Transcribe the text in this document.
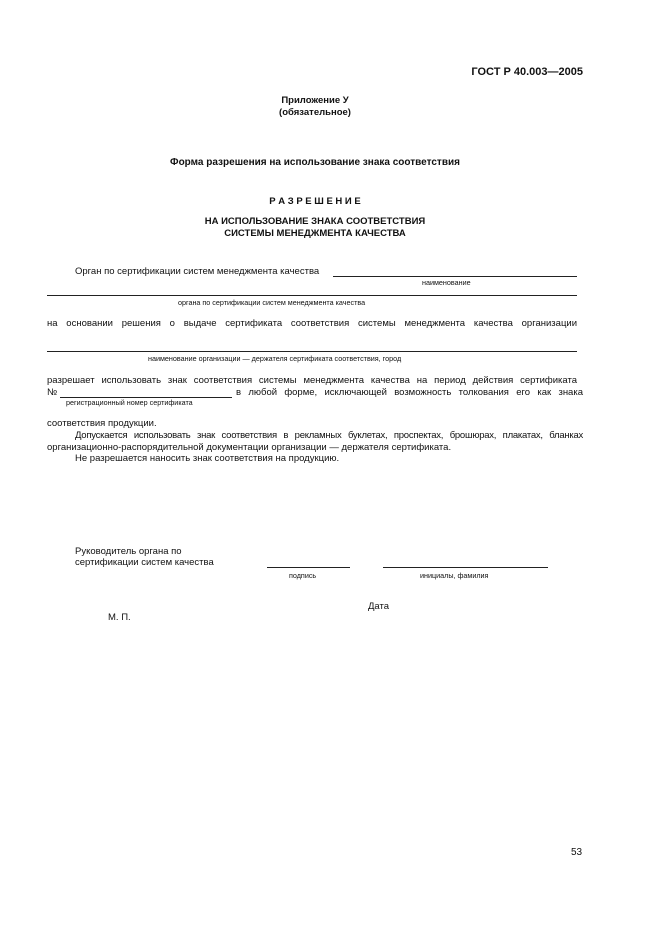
ГОСТ Р 40.003—2005
Приложение У
(обязательное)
Форма разрешения на использование знака соответствия
Р А З Р Е Ш Е Н И Е
НА ИСПОЛЬЗОВАНИЕ ЗНАКА СООТВЕТСТВИЯ
СИСТЕМЫ МЕНЕДЖМЕНТА КАЧЕСТВА
Орган по сертификации систем менеджмента качества
наименование
органа по сертификации систем менеджмента качества
на основании решения о выдаче сертификата соответствия системы менеджмента качества организации
наименование организации — держателя сертификата соответствия, город
разрешает использовать знак соответствия системы менеджмента качества на период действия сертификата
№	в любой форме, исключающей возможность толкования его как знака
регистрационный номер сертификата
соответствия продукции.
Допускается использовать знак соответствия в рекламных буклетах, проспектах, брошюрах, плакатах, бланках
организационно-распорядительной документации организации — держателя сертификата.
Не разрешается наносить знак соответствия на продукцию.
Руководитель органа по
сертификации систем качества
подпись	инициалы, фамилия
Дата
М. П.
53
